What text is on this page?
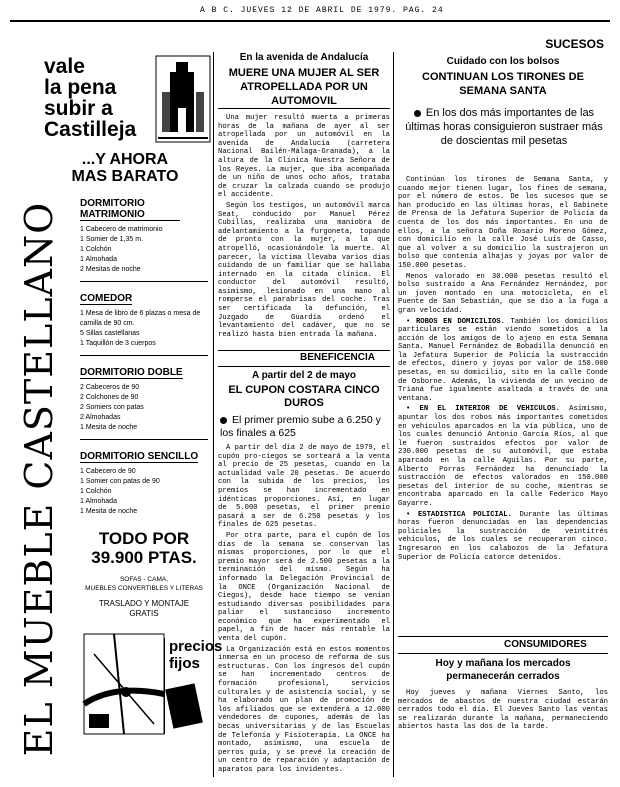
A B C. JUEVES 12 DE ABRIL DE 1979. PAG. 24
SUCESOS
vale
la pena
subir a
Castilleja
...Y AHORA
MAS BARATO
EL MUEBLE CASTELLANO DORMITORIO MATRIMONIO
1 Cabecero de matrimonio
1 Somier de 1,35 m.
1 Colchón
1 Almohada
2 Mesitas de noche
COMEDOR
1 Mesa de libro de 6 plazas o mesa de camilla de 90 cm.
5 Sillas castellanas
1 Taquillón de 3 cuerpos
DORMITORIO DOBLE
2 Cabeceros de 90
2 Colchones de 90
2 Somiers con patas
2 Almohadas
1 Mesita de noche
DORMITORIO SENCILLO
1 Cabecero de 90
1 Somier con patas de 90
1 Colchón
1 Almohada
1 Mesita de noche
TODO POR
39.900 PTAS.
SOFAS - CAMA,
MUEBLES CONVERTIBLES Y LITERAS
TRASLADO Y MONTAJE
GRATIS
precios
fijos
En la avenida de Andalucía
MUERE UNA MUJER AL SER ATROPELLADA POR UN AUTOMOVIL

Una mujer resultó muerta a primeras horas de la mañana de ayer al ser atropellada por un automóvil en la avenida de Andalucía (carretera Nacional Bailén-Málaga-Granada), a la altura de la Clínica Nuestra Señora de los Reyes. La mujer, que iba acompañada de un niño de unos ocho años, trataba de cruzar la calzada cuando se produjo el accidente.

Según los testigos, un automóvil marca Seat, conducido por Manuel Pérez Cubillas, realizaba una maniobra de adelantamiento a la furgoneta, topando de pronto con la mujer, a la que atropelló, ocasionándole la muerte. Al parecer, la víctima llevaba varios días cuidando de un familiar que se hallaba internado en la citada clínica. El conductor del automóvil resultó, asimismo, lesionado en una mano al romperse el parabrisas del coche. Tras ser certificada la defunción, el Juzgado de Guardia ordenó el levantamiento del cadáver, que no se realizó hasta bien entrada la mañana.

BENEFICENCIA
A partir del 2 de mayo
EL CUPON COSTARA CINCO DUROS
El primer premio sube a 6.250 y los finales a 625

A partir del día 2 de mayo de 1979, el cupón pro-ciegos se sorteará a la venta al precio de 25 pesetas, cuando en la actualidad vale 20 pesetas. De acuerdo con la subida de los precios, los premios se han incrementado en idénticas proporciones. Así, en lugar de 5.000 pesetas, el primer premio pasará a ser de 6.250 pesetas y los finales de 625 pesetas.

Por otra parte, para el cupón de los días de la semana se conservan las mismas proporciones, por lo que el premio mayor será de 2.500 pesetas a la terminación del mismo. Según ha informado la Delegación Provincial de la ONCE (Organización Nacional de Ciegos), desde hace tiempo se venían estudiando diversas posibilidades para paliar el sustancioso incremento económico que ha experimentado el papel, a fin de hacer más rentable la venta del cupón.

La Organización está en estos momentos inmersa en un proceso de reforma de sus estructuras. Con los ingresos del cupón se han incrementado centros de formación profesional, servicios culturales y de asistencia social, y se ha elaborado un plan de promoción de los afiliados que se extenderá a 12.000 vendedores de cupones, además de las becas universitarias y de las Escuelas de Telefonía y Fisioterapia. La ONCE ha montado, asimismo, una escuela de perros guía, y se prevé la creación de un centro de reparación y adaptación de aparatos para los invidentes.

Cuidado con los bolsos
CONTINUAN LOS TIRONES DE SEMANA SANTA
En los dos más importantes de las últimas horas consiguieron sustraer más de doscientas mil pesetas

Continúan los tirones de Semana Santa, y cuando mejor tienen lugar, los fines de semana, por el número de estos. De los sucesos que se han producido en las últimas horas, el Gabinete de Prensa de la Jefatura Superior de Policía da cuenta de los dos más importantes. En uno de ellos, a la señora Doña Rosario Moreno Gómez, con domicilio en la calle José Luis de Casso, que al volver a su domicilio la sustrajeron un bolso que contenía alhajas y joyas por valor de 150.000 pesetas.

Menos valorado en 30.000 pesetas resultó el bolso sustraído a Ana Fernández Hernández, por un joven montado en una motocicleta, en el Puente de San Sebastián, que se dio a la fuga a gran velocidad.

• ROBOS EN DOMICILIOS. También los domicilios particulares se están viendo sometidos a la acción de los amigos de lo ajeno en esta Semana Santa. Manuel Fernández de Bobadilla denunció en la Jefatura Superior de Policía la sustracción de efectos, dinero y joyas por valor de 150.000 pesetas, en su domicilio, sito en la calle Conde de Osborne. Además, la vivienda de un vecino de Triana fue igualmente asaltada a través de una ventana.

• EN EL INTERIOR DE VEHICULOS. Asimismo, apuntar los dos robos más importantes cometidos en vehículos aparcados en la vía pública, uno de los cuales denunció Antonio García Ríos, al que le fueron sustraídos efectos por valor de 230.000 pesetas de su automóvil, que estaba aparcado en la calle Aguilas. Por su parte, Alberto Porras Fernández ha denunciado la sustracción de efectos valorados en 150.000 pesetas del interior de su coche, mientras se encontraba aparcado en la calle Federico Mayo Gayarre.

• ESTADISTICA POLICIAL. Durante las últimas horas fueron denunciadas en las dependencias policiales la sustracción de veintitrés vehículos, de los cuales se recuperaron cinco. Ingresaron en los calabozos de la Jefatura Superior de Policía catorce detenidos.

CONSUMIDORES
Hoy y mañana los mercados permanecerán cerrados

Hoy jueves y mañana Viernes Santo, los mercados de abastos de nuestra ciudad estarán cerrados todo el día. El Jueves Santo las ventas se realizarán durante la mañana, permaneciendo abiertos hasta las dos de la tarde.
